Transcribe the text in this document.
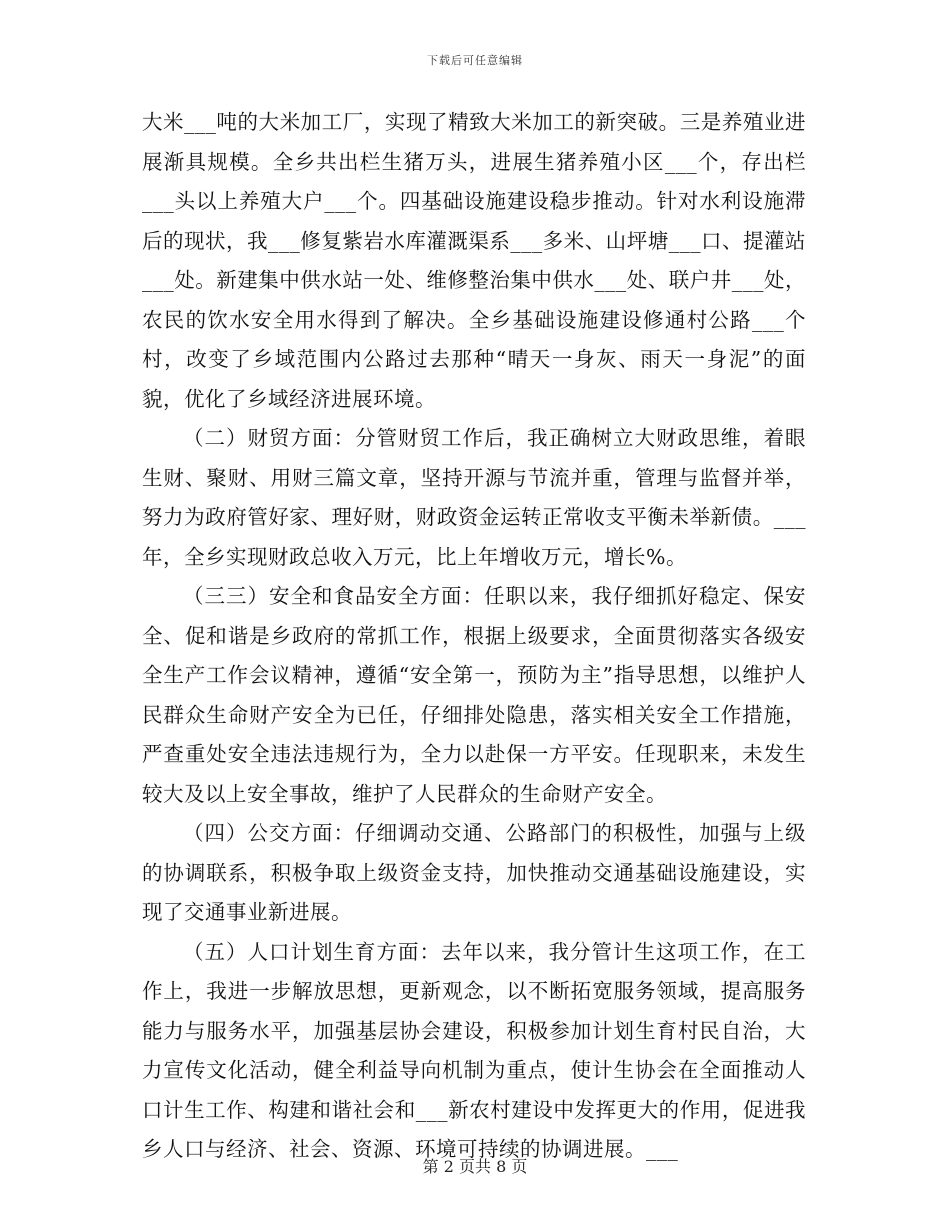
下载后可任意编辑

大米___吨的大米加工厂，实现了精致大米加工的新突破。三是养殖业进展渐具规模。全乡共出栏生猪万头，进展生猪养殖小区___个，存出栏___头以上养殖大户___个。四基础设施建设稳步推动。针对水利设施滞后的现状，我___修复紫岩水库灌溉渠系___多米、山坪塘___口、提灌站___处。新建集中供水站一处、维修整治集中供水___处、联户井___处，农民的饮水安全用水得到了解决。全乡基础设施建设修通村公路___个村，改变了乡域范围内公路过去那种“晴天一身灰、雨天一身泥”的面貌，优化了乡域经济进展环境。

（二）财贸方面：分管财贸工作后，我正确树立大财政思维，着眼生财、聚财、用财三篇文章，坚持开源与节流并重，管理与监督并举，努力为政府管好家、理好财，财政资金运转正常收支平衡未举新债。___年，全乡实现财政总收入万元，比上年增收万元，增长%。

（三三）安全和食品安全方面：任职以来，我仔细抓好稳定、保安全、促和谐是乡政府的常抓工作，根据上级要求，全面贯彻落实各级安全生产工作会议精神，遵循“安全第一，预防为主”指导思想，以维护人民群众生命财产安全为已任，仔细排处隐患，落实相关安全工作措施，严查重处安全违法违规行为，全力以赴保一方平安。任现职来，未发生较大及以上安全事故，维护了人民群众的生命财产安全。

（四）公交方面：仔细调动交通、公路部门的积极性，加强与上级的协调联系，积极争取上级资金支持，加快推动交通基础设施建设，实现了交通事业新进展。

（五）人口计划生育方面：去年以来，我分管计生这项工作，在工作上，我进一步解放思想，更新观念，以不断拓宽服务领域，提高服务能力与服务水平，加强基层协会建设，积极参加计划生育村民自治，大力宣传文化活动，健全利益导向机制为重点，使计生协会在全面推动人口计生工作、构建和谐社会和___新农村建设中发挥更大的作用，促进我乡人口与经济、社会、资源、环境可持续的协调进展。___

第 2 页共 8 页
